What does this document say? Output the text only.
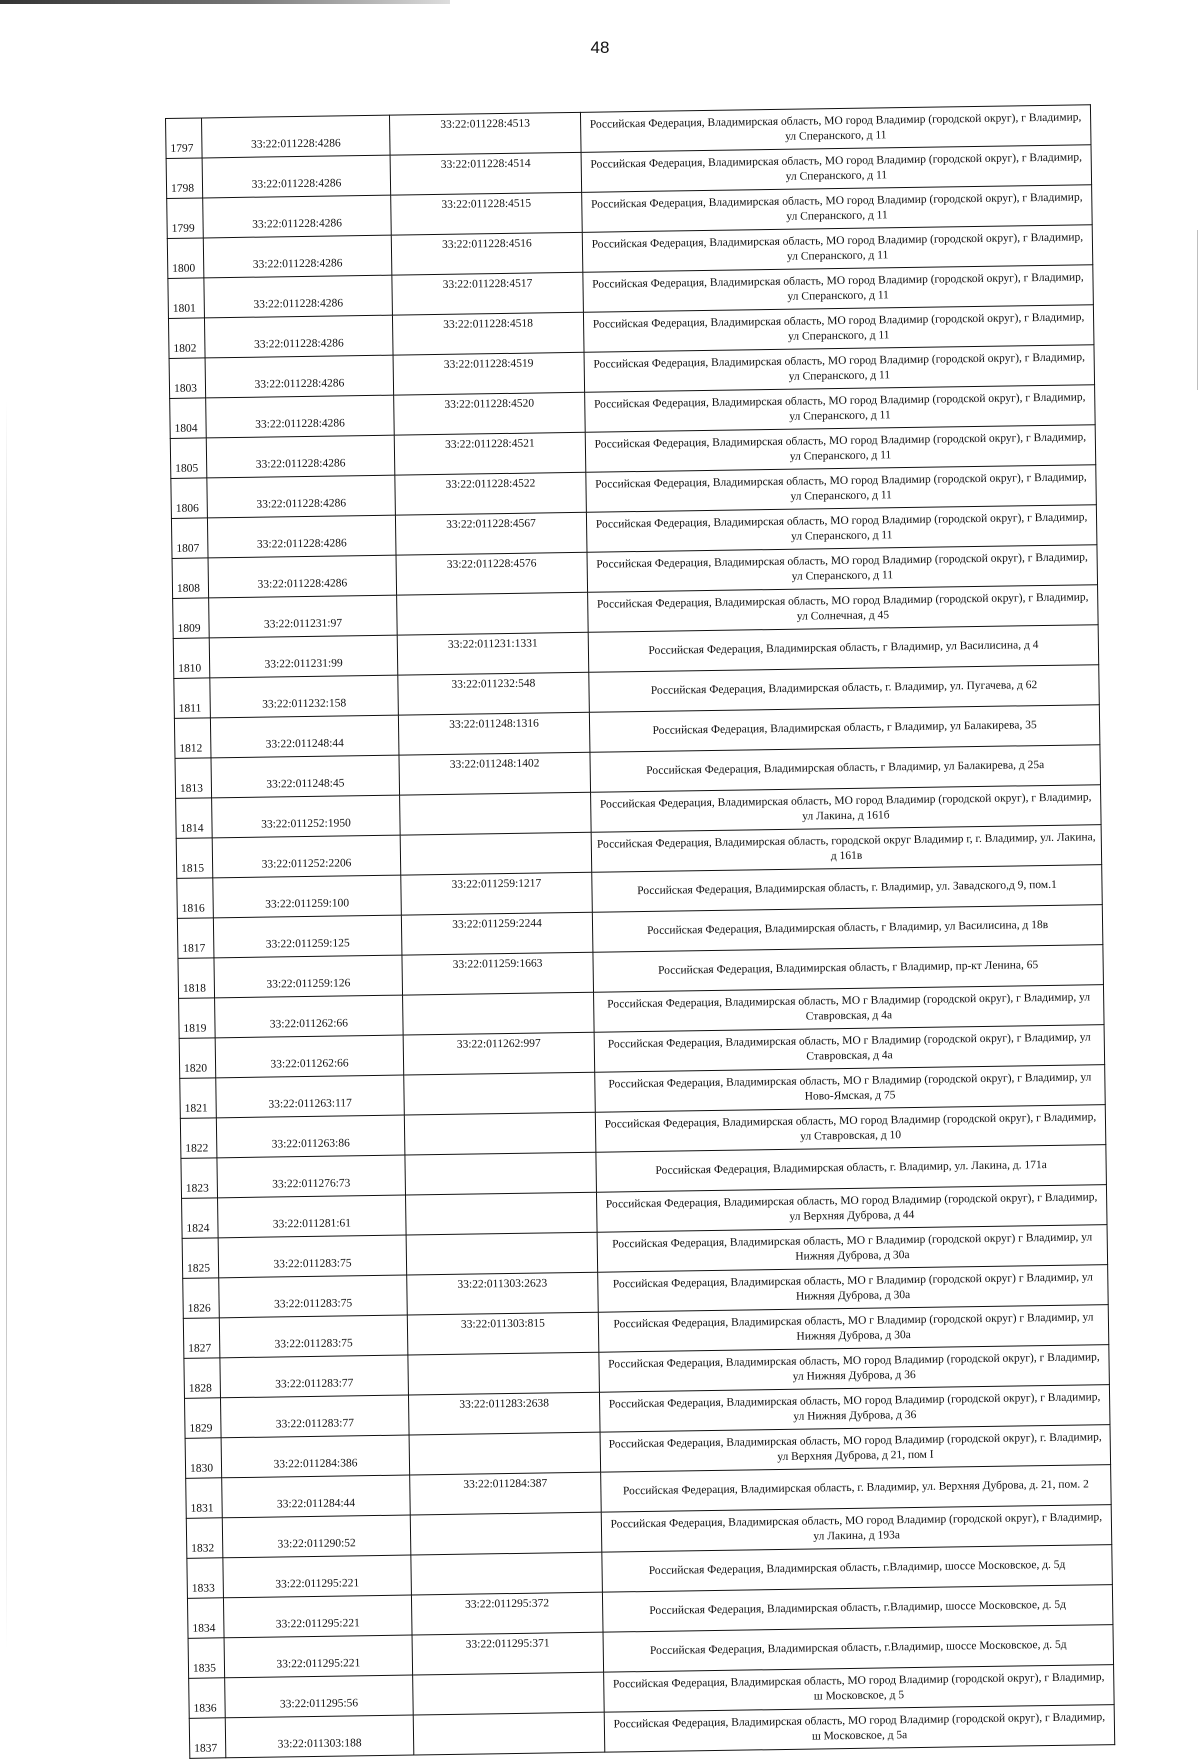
48
1797	33:22:011228:4286	33:22:011228:4513	Российская Федерация, Владимирская область, МО город Владимир (городской округ), г Владимир, ул Сперанского, д 11
1798	33:22:011228:4286	33:22:011228:4514	Российская Федерация, Владимирская область, МО город Владимир (городской округ), г Владимир, ул Сперанского, д 11
1799	33:22:011228:4286	33:22:011228:4515	Российская Федерация, Владимирская область, МО город Владимир (городской округ), г Владимир, ул Сперанского, д 11
1800	33:22:011228:4286	33:22:011228:4516	Российская Федерация, Владимирская область, МО город Владимир (городской округ), г Владимир, ул Сперанского, д 11
1801	33:22:011228:4286	33:22:011228:4517	Российская Федерация, Владимирская область, МО город Владимир (городской округ), г Владимир, ул Сперанского, д 11
1802	33:22:011228:4286	33:22:011228:4518	Российская Федерация, Владимирская область, МО город Владимир (городской округ), г Владимир, ул Сперанского, д 11
1803	33:22:011228:4286	33:22:011228:4519	Российская Федерация, Владимирская область, МО город Владимир (городской округ), г Владимир, ул Сперанского, д 11
1804	33:22:011228:4286	33:22:011228:4520	Российская Федерация, Владимирская область, МО город Владимир (городской округ), г Владимир, ул Сперанского, д 11
1805	33:22:011228:4286	33:22:011228:4521	Российская Федерация, Владимирская область, МО город Владимир (городской округ), г Владимир, ул Сперанского, д 11
1806	33:22:011228:4286	33:22:011228:4522	Российская Федерация, Владимирская область, МО город Владимир (городской округ), г Владимир, ул Сперанского, д 11
1807	33:22:011228:4286	33:22:011228:4567	Российская Федерация, Владимирская область, МО город Владимир (городской округ), г Владимир, ул Сперанского, д 11
1808	33:22:011228:4286	33:22:011228:4576	Российская Федерация, Владимирская область, МО город Владимир (городской округ), г Владимир, ул Сперанского, д 11
1809	33:22:011231:97		Российская Федерация, Владимирская область, МО город Владимир (городской округ), г Владимир, ул Солнечная, д 45
1810	33:22:011231:99	33:22:011231:1331	Российская Федерация, Владимирская область, г Владимир, ул Василисина, д 4
1811	33:22:011232:158	33:22:011232:548	Российская Федерация, Владимирская область, г. Владимир, ул. Пугачева, д 62
1812	33:22:011248:44	33:22:011248:1316	Российская Федерация, Владимирская область, г Владимир, ул Балакирева, 35
1813	33:22:011248:45	33:22:011248:1402	Российская Федерация, Владимирская область, г Владимир, ул Балакирева, д 25а
1814	33:22:011252:1950		Российская Федерация, Владимирская область, МО город Владимир (городской округ), г Владимир, ул Лакина, д 161б
1815	33:22:011252:2206		Российская Федерация, Владимирская область, городской округ Владимир г, г. Владимир, ул. Лакина, д 161в
1816	33:22:011259:100	33:22:011259:1217	Российская Федерация, Владимирская область, г. Владимир, ул. Завадского,д 9, пом.1
1817	33:22:011259:125	33:22:011259:2244	Российская Федерация, Владимирская область, г Владимир, ул Василисина, д 18в
1818	33:22:011259:126	33:22:011259:1663	Российская Федерация, Владимирская область, г Владимир, пр-кт Ленина, 65
1819	33:22:011262:66		Российская Федерация, Владимирская область, МО г Владимир (городской округ), г Владимир, ул Ставровская, д 4а
1820	33:22:011262:66	33:22:011262:997	Российская Федерация, Владимирская область, МО г Владимир (городской округ), г Владимир, ул Ставровская, д 4а
1821	33:22:011263:117		Российская Федерация, Владимирская область, МО г Владимир (городской округ), г Владимир, ул Ново-Ямская, д 75
1822	33:22:011263:86		Российская Федерация, Владимирская область, МО город Владимир (городской округ), г Владимир, ул Ставровская, д 10
1823	33:22:011276:73		Российская Федерация, Владимирская область, г. Владимир, ул. Лакина, д. 171а
1824	33:22:011281:61		Российская Федерация, Владимирская область, МО город Владимир (городской округ), г Владимир, ул Верхняя Дуброва, д 44
1825	33:22:011283:75		Российская Федерация, Владимирская область, МО г Владимир (городской округ) г Владимир, ул Нижняя Дуброва, д 30а
1826	33:22:011283:75	33:22:011303:2623	Российская Федерация, Владимирская область, МО г Владимир (городской округ) г Владимир, ул Нижняя Дуброва, д 30а
1827	33:22:011283:75	33:22:011303:815	Российская Федерация, Владимирская область, МО г Владимир (городской округ) г Владимир, ул Нижняя Дуброва, д 30а
1828	33:22:011283:77		Российская Федерация, Владимирская область, МО город Владимир (городской округ), г Владимир, ул Нижняя Дуброва, д 36
1829	33:22:011283:77	33:22:011283:2638	Российская Федерация, Владимирская область, МО город Владимир (городской округ), г Владимир, ул Нижняя Дуброва, д 36
1830	33:22:011284:386		Российская Федерация, Владимирская область, МО город Владимир (городской округ), г. Владимир, ул Верхняя Дуброва, д 21, пом I
1831	33:22:011284:44	33:22:011284:387	Российская Федерация, Владимирская область, г. Владимир, ул. Верхняя Дуброва, д. 21, пом. 2
1832	33:22:011290:52		Российская Федерация, Владимирская область, МО город Владимир (городской округ), г Владимир, ул Лакина, д 193а
1833	33:22:011295:221		Российская Федерация, Владимирская область, г.Владимир, шоссе Московское, д. 5д
1834	33:22:011295:221	33:22:011295:372	Российская Федерация, Владимирская область, г.Владимир, шоссе Московское, д. 5д
1835	33:22:011295:221	33:22:011295:371	Российская Федерация, Владимирская область, г.Владимир, шоссе Московское, д. 5д
1836	33:22:011295:56		Российская Федерация, Владимирская область, МО город Владимир (городской округ), г Владимир, ш Московское, д 5
1837	33:22:011303:188		Российская Федерация, Владимирская область, МО город Владимир (городской округ), г Владимир, ш Московское, д 5а
